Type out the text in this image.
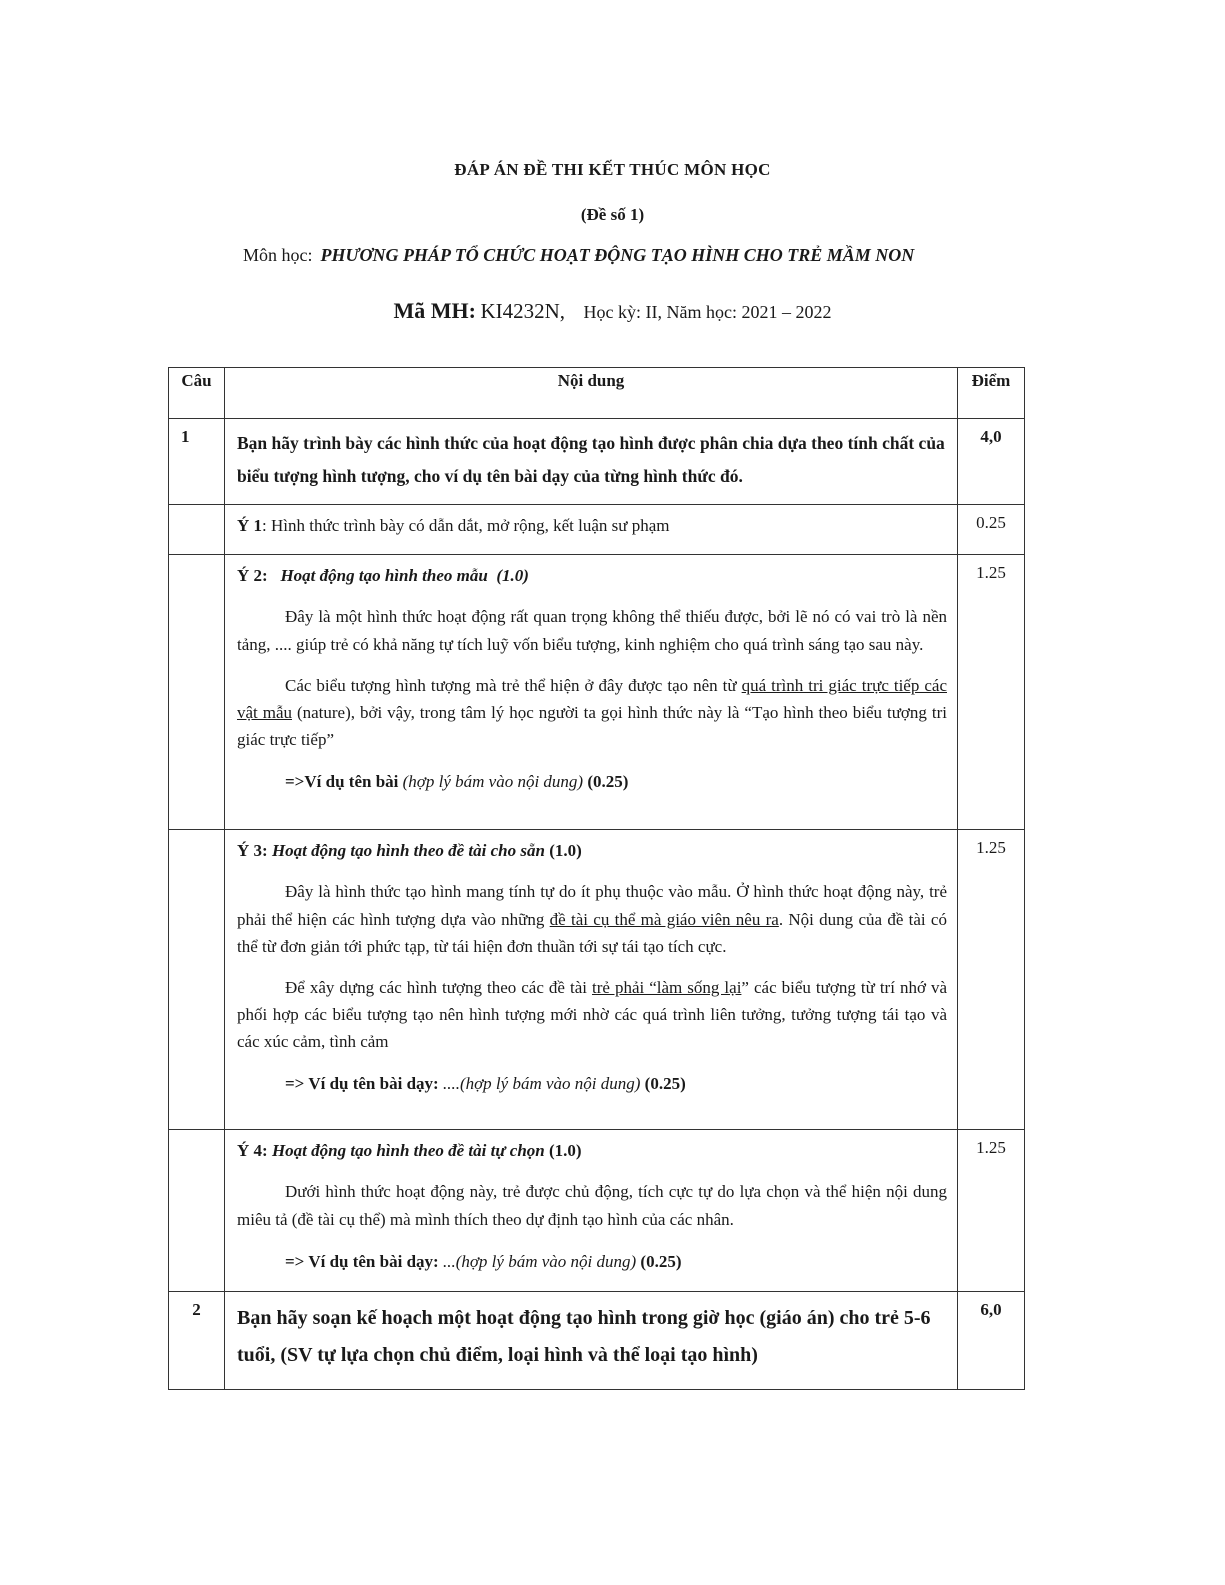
ĐÁP ÁN ĐỀ THI KẾT THÚC MÔN HỌC
(Đề số 1)
Môn học: PHƯƠNG PHÁP TỔ CHỨC HOẠT ĐỘNG TẠO HÌNH CHO TRẺ MẦM NON
Mã MH: KI4232N, Học kỳ: II, Năm học: 2021 – 2022
Câu	Nội dung	Điểm

1	Bạn hãy trình bày các hình thức của hoạt động tạo hình được phân chia dựa theo tính chất của biểu tượng hình tượng, cho ví dụ tên bài dạy của từng hình thức đó.	4,0
	Ý 1: Hình thức trình bày có dẫn dắt, mở rộng, kết luận sư phạm	0.25

	Ý 2: Hoạt động tạo hình theo mẫu (1.0)

Đây là một hình thức hoạt động rất quan trọng không thể thiếu được, bởi lẽ nó có vai trò là nền tảng, .... giúp trẻ có khả năng tự tích luỹ vốn biểu tượng, kinh nghiệm cho quá trình sáng tạo sau này.

Các biểu tượng hình tượng mà trẻ thể hiện ở đây được tạo nên từ quá trình tri giác trực tiếp các vật mẫu (nature), bởi vậy, trong tâm lý học người ta gọi hình thức này là “Tạo hình theo biểu tượng tri giác trực tiếp”

=>Ví dụ tên bài (hợp lý bám vào nội dung) (0.25)	1.25

	Ý 3: Hoạt động tạo hình theo đề tài cho sẵn (1.0)

Đây là hình thức tạo hình mang tính tự do ít phụ thuộc vào mẫu. Ở hình thức hoạt động này, trẻ phải thể hiện các hình tượng dựa vào những đề tài cụ thể mà giáo viên nêu ra. Nội dung của đề tài có thể từ đơn giản tới phức tạp, từ tái hiện đơn thuần tới sự tái tạo tích cực.

Để xây dựng các hình tượng theo các đề tài trẻ phải “làm sống lại” các biểu tượng từ trí nhớ và phối hợp các biểu tượng tạo nên hình tượng mới nhờ các quá trình liên tưởng, tưởng tượng tái tạo và các xúc cảm, tình cảm

=> Ví dụ tên bài dạy: ....(hợp lý bám vào nội dung) (0.25)	1.25

	Ý 4: Hoạt động tạo hình theo đề tài tự chọn (1.0)

Dưới hình thức hoạt động này, trẻ được chủ động, tích cực tự do lựa chọn và thể hiện nội dung miêu tả (đề tài cụ thể) mà mình thích theo dự định tạo hình của các nhân.

=> Ví dụ tên bài dạy: ...(hợp lý bám vào nội dung) (0.25)	1.25
2	Bạn hãy soạn kế hoạch một hoạt động tạo hình trong giờ học (giáo án) cho trẻ 5-6 tuổi, (SV tự lựa chọn chủ điểm, loại hình và thể loại tạo hình)	6,0
